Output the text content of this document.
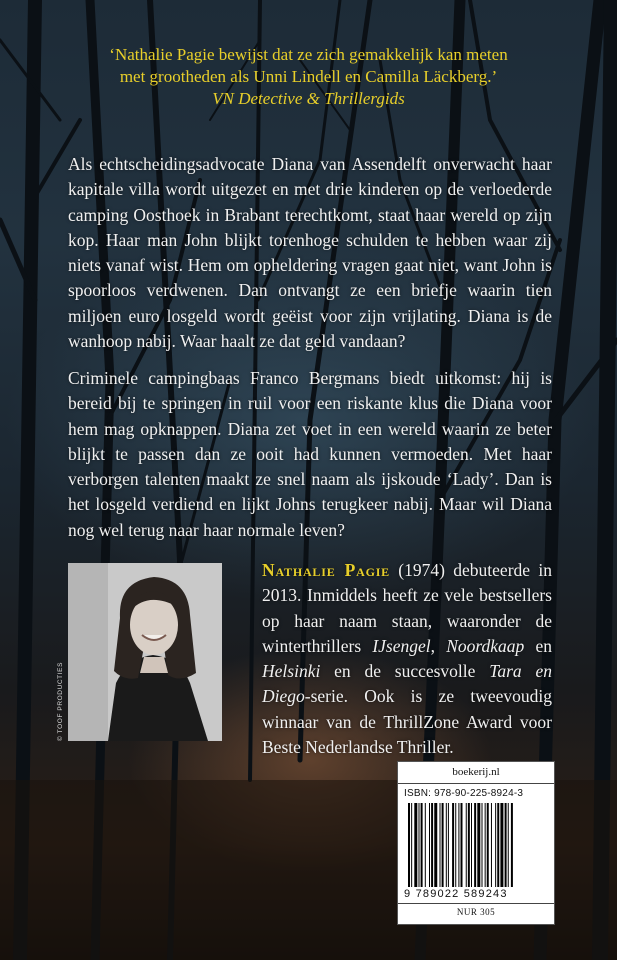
‘Nathalie Pagie bewijst dat ze zich gemakkelijk kan meten
met grootheden als Unni Lindell en Camilla Läckberg.’

VN Detective & Thrillergids

Als echtscheidingsadvocate Diana van Assendelft onverwacht haar kapitale villa wordt uitgezet en met drie kinderen op de verloederde camping Oosthoek in Brabant terechtkomt, staat haar wereld op zijn kop. Haar man John blijkt torenhoge schulden te hebben waar zij niets vanaf wist. Hem om opheldering vragen gaat niet, want John is spoorloos verdwenen. Dan ontvangt ze een briefje waarin tien miljoen euro losgeld wordt geëist voor zijn vrijlating. Diana is de wanhoop nabij. Waar haalt ze dat geld vandaan?

Criminele campingbaas Franco Bergmans biedt uitkomst: hij is bereid bij te springen in ruil voor een riskante klus die Diana voor hem mag opknappen. Diana zet voet in een wereld waarin ze beter blijkt te passen dan ze ooit had kunnen vermoeden. Met haar verborgen talenten maakt ze snel naam als ijskoude ‘Lady’. Dan is het losgeld verdiend en lijkt Johns terugkeer nabij. Maar wil Diana nog wel terug naar haar normale leven?

© TOOF PRODUCTIES

Nathalie Pagie (1974) debuteerde in 2013. Inmiddels heeft ze vele bestsellers op haar naam staan, waaronder de winterthrillers IJsengel, Noordkaap en Helsinki en de succesvolle Tara en Diego-serie. Ook is ze tweevoudig winnaar van de ThrillZone Award voor Beste Nederlandse Thriller.

boekerij.nl
ISBN: 978-90-225-8924-3
9 789022 589243
NUR 305
